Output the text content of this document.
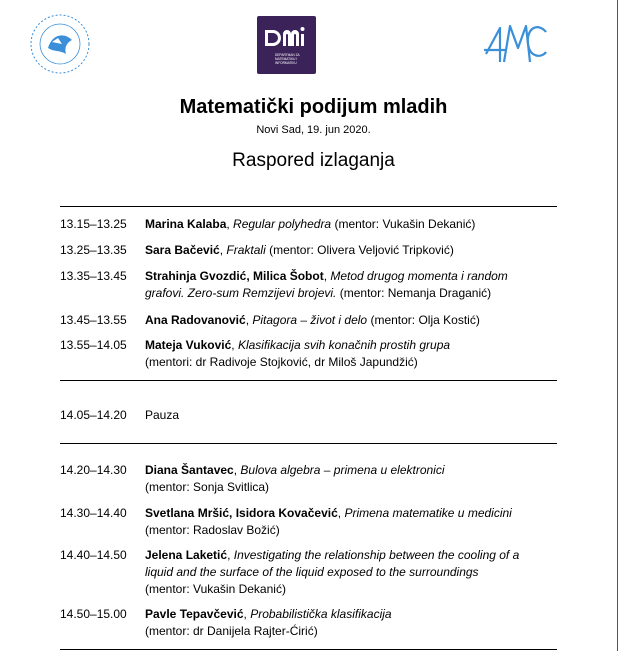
DEPARTMAN ZA
MATEMATIKU I
INFORMATIKU
Matematički podijum mladih
Novi Sad, 19. jun 2020.
Raspored izlaganja
13.15–13.25	Marina Kalaba, Regular polyhedra (mentor: Vukašin Dekanić)
13.25–13.35	Sara Bačević, Fraktali (mentor: Olivera Veljović Tripković)
13.35–13.45	Strahinja Gvozdić, Milica Šobot, Metod drugog momenta i random grafovi. Zero-sum Remzijevi brojevi. (mentor: Nemanja Draganić)
13.45–13.55	Ana Radovanović, Pitagora – život i delo (mentor: Olja Kostić)
13.55–14.05	Mateja Vuković, Klasifikacija svih konačnih prostih grupa
(mentori: dr Radivoje Stojković, dr Miloš Japundžić)
14.05–14.20	Pauza
14.20–14.30	Diana Šantavec, Bulova algebra – primena u elektronici
(mentor: Sonja Svitlica)
14.30–14.40	Svetlana Mršić, Isidora Kovačević, Primena matematike u medicini
(mentor: Radoslav Božić)
14.40–14.50	Jelena Laketić, Investigating the relationship between the cooling of a liquid and the surface of the liquid exposed to the surroundings
(mentor: Vukašin Dekanić)
14.50–15.00	Pavle Tepavčević, Probabilistička klasifikacija
(mentor: dr Danijela Rajter-Ćirić)
